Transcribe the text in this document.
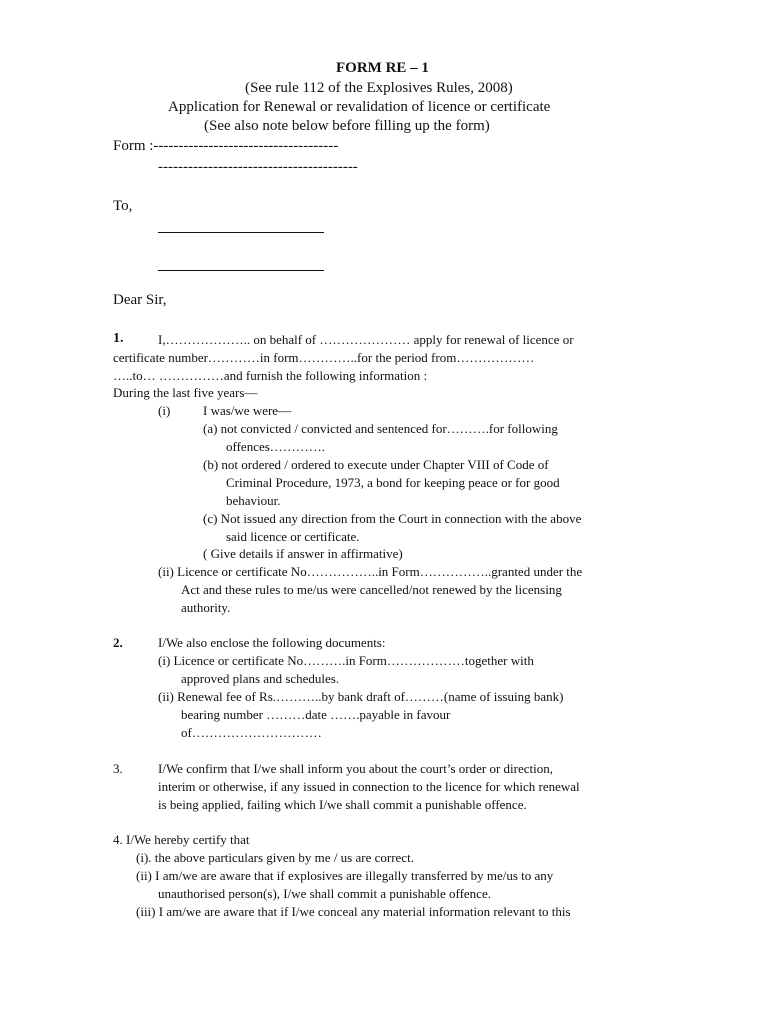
FORM RE – 1
(See rule 112 of the Explosives Rules, 2008)
Application for Renewal or revalidation of licence or certificate
(See also note below before filling up the form)
Form :-------------------------------------
----------------------------------------
To,
Dear Sir,
1.	I,……………….. on behalf of ………………… apply for renewal of licence or
certificate number…………in form…………..for the period from………………
…..to… ……………and furnish the following information :
During the last five years—
(i)	I was/we were—
(a) not convicted / convicted and sentenced for……….for following
offences………….
(b) not ordered / ordered to execute under Chapter VIII of Code of
Criminal Procedure, 1973, a bond for keeping peace or for good
behaviour.
(c) Not issued any direction from the Court in connection with the above
said licence or certificate.
( Give details if answer in affirmative)
(ii) Licence or certificate No……………..in Form……………..granted under the
Act and these rules to me/us were cancelled/not renewed by the licensing
authority.
2.	I/We also enclose the following documents:
(i) Licence or certificate No……….in Form………………together with
approved plans and schedules.
(ii) Renewal fee of Rs.………..by bank draft of………(name of issuing bank)
bearing number ………date …….payable in favour
of…………………………
3.	I/We confirm that I/we shall inform you about the court’s order or direction,
interim or otherwise, if any issued in connection to the licence for which renewal
is being applied, failing which I/we shall commit a punishable offence.
4. I/We hereby certify that
(i). the above particulars given by me / us are correct.
(ii) I am/we are aware that if explosives are illegally transferred by me/us to any
unauthorised person(s), I/we shall commit a punishable offence.
(iii) I am/we are aware that if I/we conceal any material information relevant to this
